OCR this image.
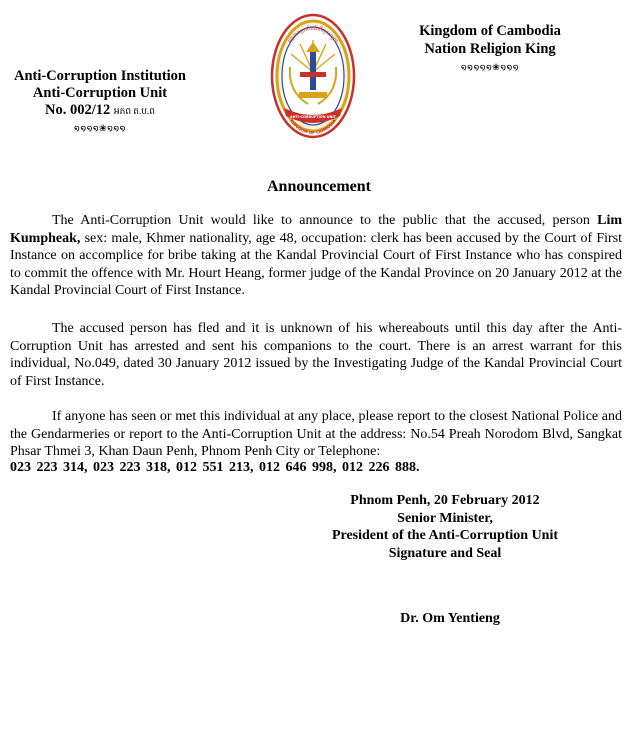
Kingdom of Cambodia
Nation Religion King
໑໑໑໑໑❀໑໑໑
Anti-Corruption Institution
Anti-Corruption Unit
No. 002/12 អភព ត.ប.ព
໑໑໑໑❀໑໑໑
អង្គភាពប្រឆាំងអំពើពុករលួយ
KINGDOM OF CAMBODIA
ANTI-CORRUPTION UNIT
Announcement
The Anti-Corruption Unit would like to announce to the public that the accused, person Lim Kumpheak, sex: male, Khmer nationality, age 48, occupation: clerk has been accused by the Court of First Instance on accomplice for bribe taking at the Kandal Provincial Court of First Instance who has conspired to commit the offence with Mr. Hourt Heang, former judge of the Kandal Province on 20 January 2012 at the Kandal Provincial Court of First Instance.
The accused person has fled and it is unknown of his whereabouts until this day after the Anti-Corruption Unit has arrested and sent his companions to the court. There is an arrest warrant for this individual, No.049, dated 30 January 2012 issued by the Investigating Judge of the Kandal Provincial Court of First Instance.
If anyone has seen or met this individual at any place, please report to the closest National Police and the Gendarmeries or report to the Anti-Corruption Unit at the address: No.54 Preah Norodom Blvd, Sangkat Phsar Thmei 3, Khan Daun Penh, Phnom Penh City or Telephone:
023 223 314, 023 223 318, 012 551 213, 012 646 998, 012 226 888.
Phnom Penh, 20 February 2012
Senior Minister,
President of the Anti-Corruption Unit
Signature and Seal
Dr. Om Yentieng
